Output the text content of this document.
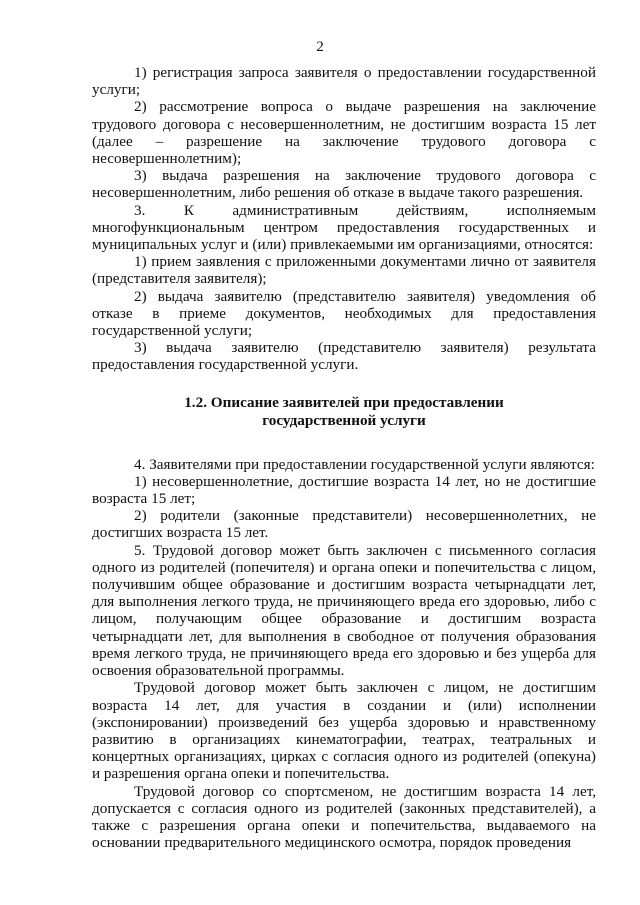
2

1) регистрация запроса заявителя о предоставлении государственной услуги;

2) рассмотрение вопроса о выдаче разрешения на заключение трудового договора с несовершеннолетним, не достигшим возраста 15 лет (далее – разрешение на заключение трудового договора с несовершеннолетним);

3) выдача разрешения на заключение трудового договора с несовершеннолетним, либо решения об отказе в выдаче такого разрешения.

3. К административным действиям, исполняемым многофункциональным центром предоставления государственных и муниципальных услуг и (или) привлекаемыми им организациями, относятся:

1) прием заявления с приложенными документами лично от заявителя (представителя заявителя);

2) выдача заявителю (представителю заявителя) уведомления об отказе в приеме документов, необходимых для предоставления государственной услуги;

3) выдача заявителю (представителю заявителя) результата предоставления государственной услуги.

1.2. Описание заявителей при предоставлении
государственной услуги

4. Заявителями при предоставлении государственной услуги являются:

1) несовершеннолетние, достигшие возраста 14 лет, но не достигшие возраста 15 лет;

2) родители (законные представители) несовершеннолетних, не достигших возраста 15 лет.

5. Трудовой договор может быть заключен с письменного согласия одного из родителей (попечителя) и органа опеки и попечительства с лицом, получившим общее образование и достигшим возраста четырнадцати лет, для выполнения легкого труда, не причиняющего вреда его здоровью, либо с лицом, получающим общее образование и достигшим возраста четырнадцати лет, для выполнения в свободное от получения образования время легкого труда, не причиняющего вреда его здоровью и без ущерба для освоения образовательной программы.

Трудовой договор может быть заключен с лицом, не достигшим возраста 14 лет, для участия в создании и (или) исполнении (экспонировании) произведений без ущерба здоровью и нравственному развитию в организациях кинематографии, театрах, театральных и концертных организациях, цирках с согласия одного из родителей (опекуна) и разрешения органа опеки и попечительства.

Трудовой договор со спортсменом, не достигшим возраста 14 лет, допускается с согласия одного из родителей (законных представителей), а также с разрешения органа опеки и попечительства, выдаваемого на основании предварительного медицинского осмотра, порядок проведения
